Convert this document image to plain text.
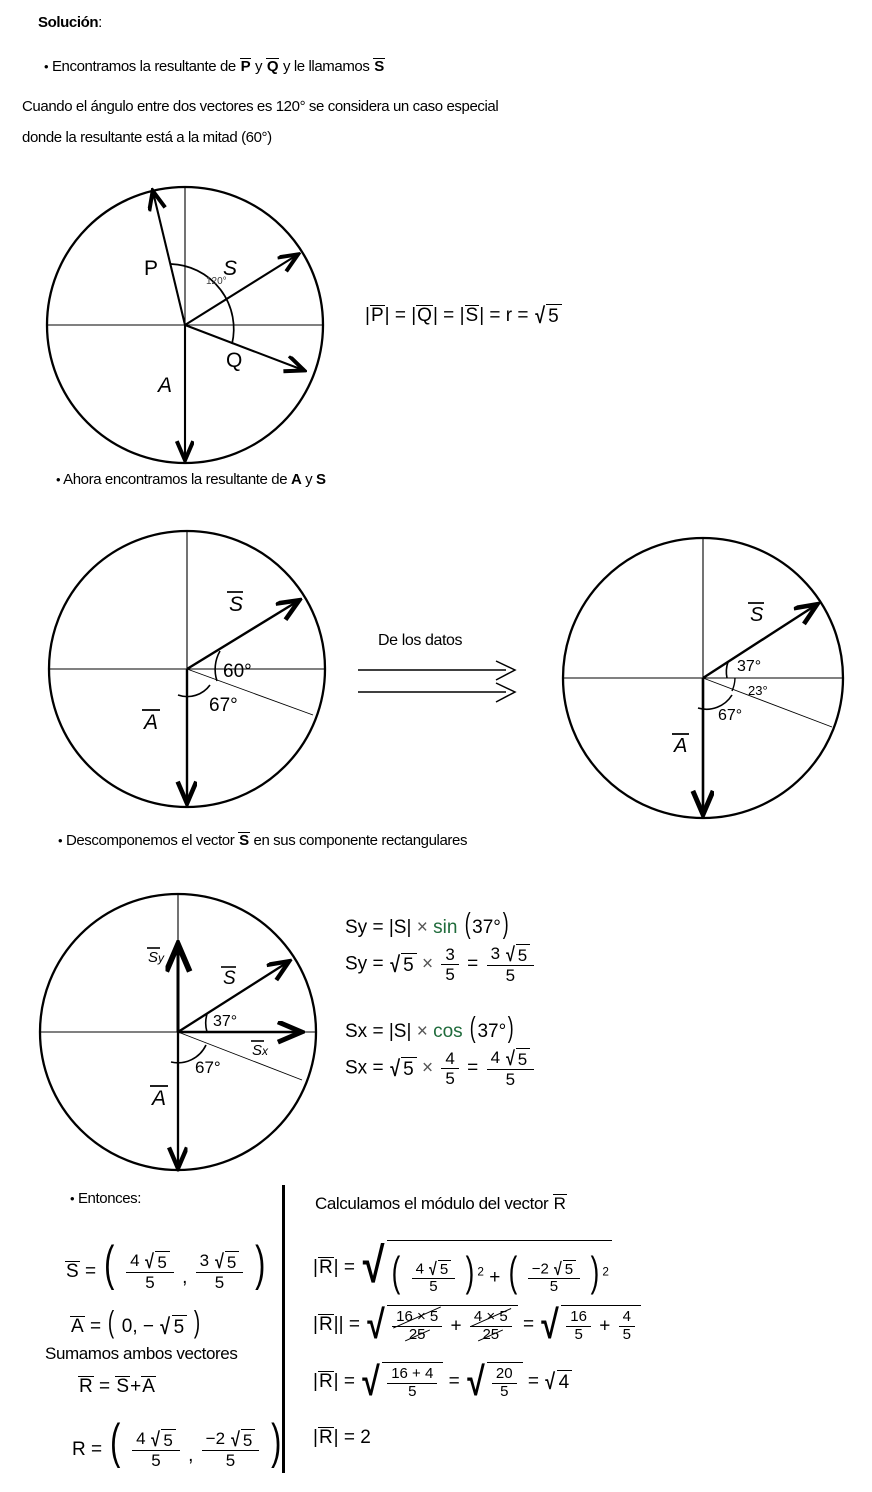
Solución:
• Encontramos la resultante de P y Q y le llamamos S
Cuando el ángulo entre dos vectores es 120° se considera un caso especial
donde la resultante está a la mitad (60°)
120°
P	S
Q
A
|P| = |Q| = |S| = r = √ 5
• Ahora encontramos la resultante de A y S
60°
67°
S
A
De los datos
37°
23°
67°
S
A
• Descomponemos el vector S en sus componente rectangulares
37°
67°
Sy
Sx
S
A
Sy = |S| × sin (37°)
Sy = √ $5 \times \frac{3}{5} = \frac{3 √ 5}{5}$
Sx = |S| × cos (37°)
Sx = √ $5 \times \frac{4}{5} = \frac{4 √ 5}{5}$
• Entonces:
S = ( $\frac{4 √ 5}{5}$ , $\frac{3 √ 5}{5}$ )
A = ( 0, − √ 5 )
Sumamos ambos vectores
R = S+A
R = ( $\frac{4 √ 5}{5}$ , $\frac{-2 √ 5}{5}$ )
Calculamos el módulo del vector R
|R| = √ ( $\frac{4 √ 5}{5}$ ) $^2$ + ( $\frac{-2 √ 5}{5}$ ) $^2$
|R|| = √ $\frac{16 \times 5}{25} + \frac{4 \times 5}{25}$ = √ $\frac{16}{5} + \frac{4}{5}$
|R| = √ $\frac{16 + 4}{5}$ = √ $\frac{20}{5}$ = √ 4
|R| = 2
